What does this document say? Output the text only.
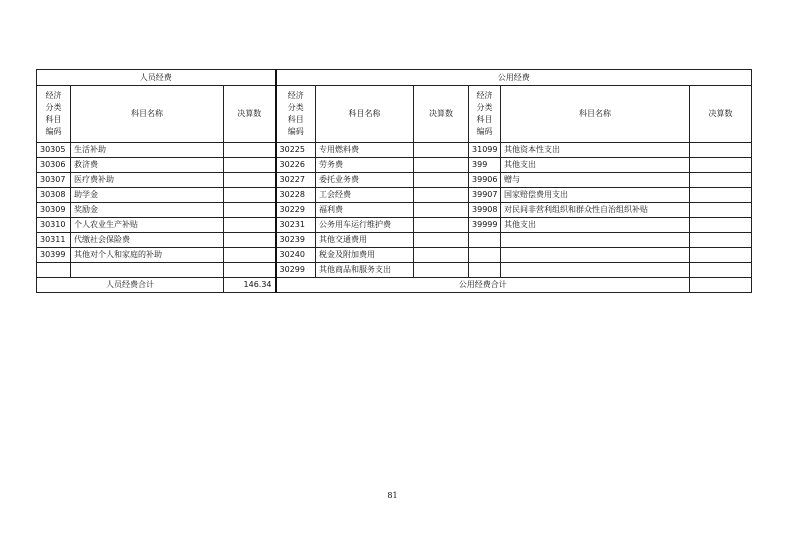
人员经费			公用经费					
经济
分类
科目
编码	科目名称	决算数	经济
分类
科目
编码	科目名称	决算数	经济
分类
科目
编码	科目名称	决算数
30305	生活补助		30225	专用燃料费		31099	其他资本性支出	
30306	救济费		30226	劳务费		399	其他支出	
30307	医疗费补助		30227	委托业务费		39906	赠与	
30308	助学金		30228	工会经费		39907	国家赔偿费用支出	
30309	奖励金		30229	福利费		39908	对民间非营利组织和群众性自治组织补贴	
30310	个人农业生产补贴		30231	公务用车运行维护费		39999	其他支出	
30311	代缴社会保险费		30239	其他交通费用				
30399	其他对个人和家庭的补助		30240	税金及附加费用				
			30299	其他商品和服务支出				
人员经费合计		146.34	公用经费合计					
81
